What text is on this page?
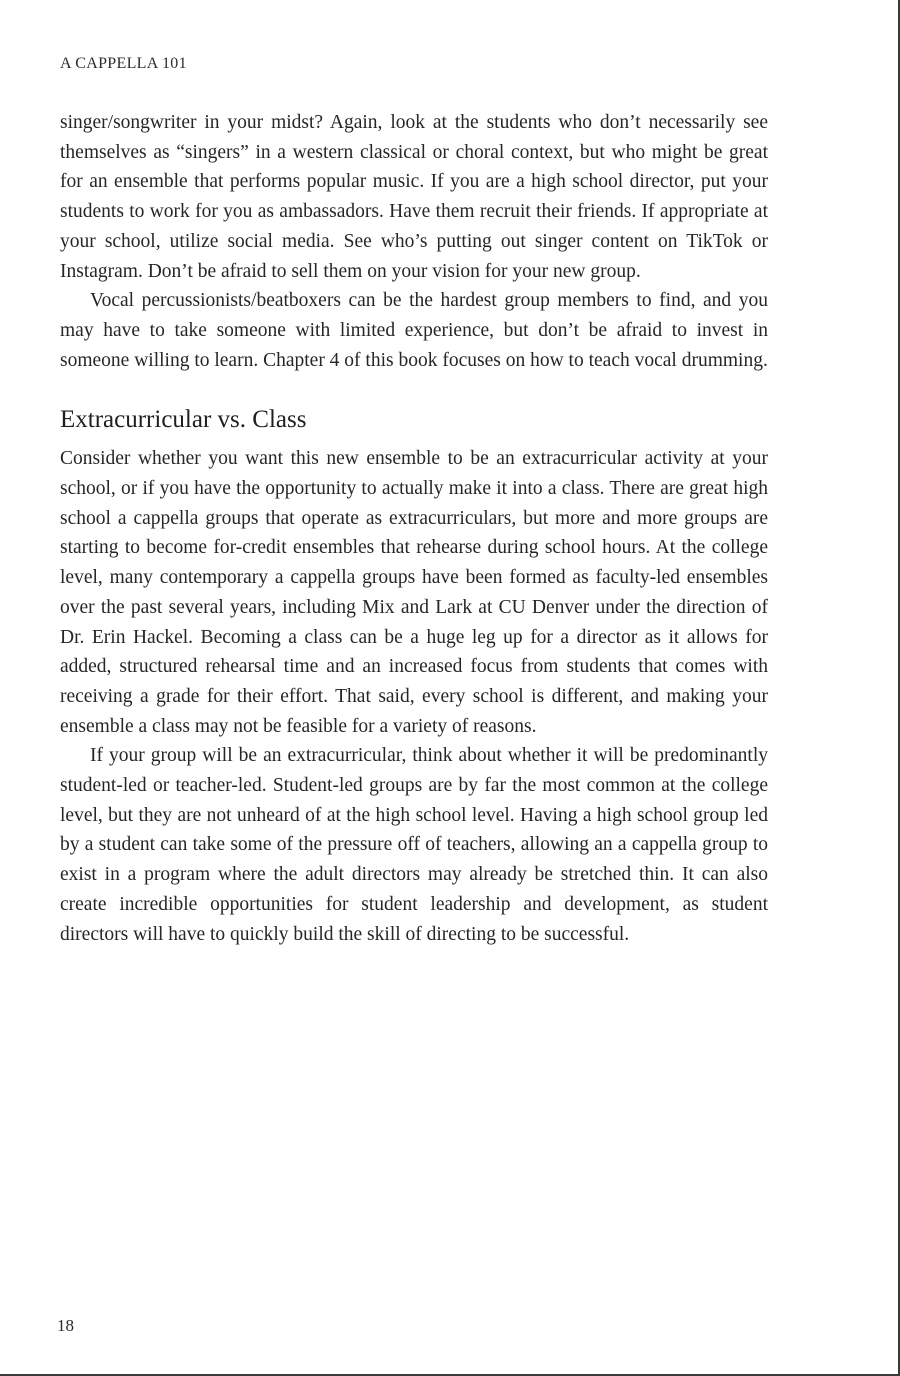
A CAPPELLA 101

singer/songwriter in your midst? Again, look at the students who don’t necessarily see themselves as “singers” in a western classical or choral context, but who might be great for an ensemble that performs popular music. If you are a high school director, put your students to work for you as ambassadors. Have them recruit their friends. If appropriate at your school, utilize social media. See who’s putting out singer content on TikTok or Instagram. Don’t be afraid to sell them on your vision for your new group.

Vocal percussionists/beatboxers can be the hardest group members to find, and you may have to take someone with limited experience, but don’t be afraid to invest in someone willing to learn. Chapter 4 of this book focuses on how to teach vocal drumming.

Extracurricular vs. Class

Consider whether you want this new ensemble to be an extracurricular activity at your school, or if you have the opportunity to actually make it into a class. There are great high school a cappella groups that operate as extracurriculars, but more and more groups are starting to become for-credit ensembles that rehearse during school hours. At the college level, many contemporary a cappella groups have been formed as faculty-led ensembles over the past several years, including Mix and Lark at CU Denver under the direction of Dr. Erin Hackel. Becoming a class can be a huge leg up for a director as it allows for added, structured rehearsal time and an increased focus from students that comes with receiving a grade for their effort. That said, every school is different, and making your ensemble a class may not be feasible for a variety of reasons.

If your group will be an extracurricular, think about whether it will be predominantly student-led or teacher-led. Student-led groups are by far the most common at the college level, but they are not unheard of at the high school level. Having a high school group led by a student can take some of the pressure off of teachers, allowing an a cappella group to exist in a program where the adult directors may already be stretched thin. It can also create incredible opportunities for student leadership and development, as student directors will have to quickly build the skill of directing to be successful.

18
